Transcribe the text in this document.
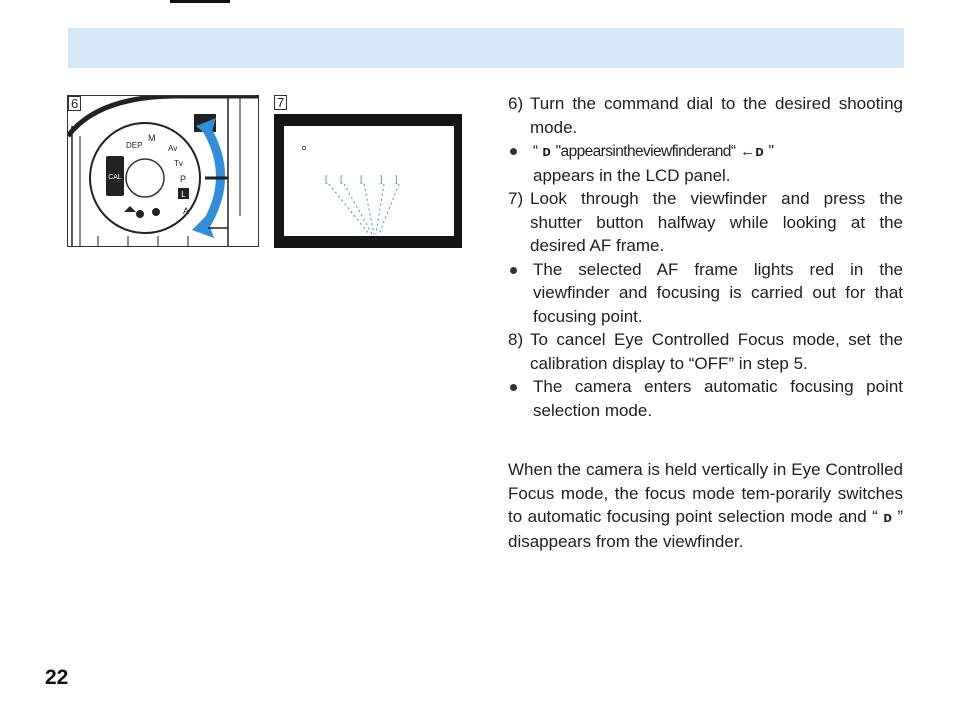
CAL
DEP
M
Av
Tv
P
L
A
6	7
[ [ [ ] ]
6) Turn the command dial to the desired shooting mode.
“ ᴅ "appearsintheviewfinderand“ ←ᴅ "
appears in the LCD panel.
7) Look through the viewfinder and press the shutter button halfway while looking at the desired AF frame.
The selected AF frame lights red in the viewfinder and focusing is carried out for that focusing point.
8) To cancel Eye Controlled Focus mode, set the calibration display to “OFF” in step 5.
The camera enters automatic focusing point selection mode.
When the camera is held vertically in Eye Controlled Focus mode, the focus mode tem-porarily switches to automatic focusing point selection mode and “ ᴅ ” disappears from the viewfinder.
22
